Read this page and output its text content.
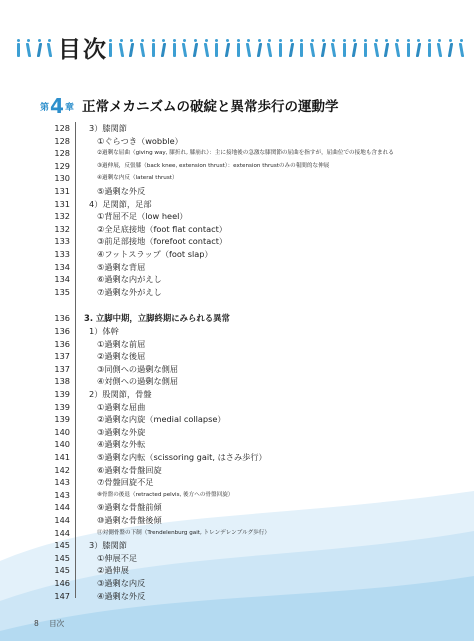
目次
第 4 章 正常メカニズムの破綻と異常歩行の運動学
128 3）膝関節
128	①ぐらつき（wobble）
128	②過剰な屈曲（giving way, 膝折れ, 膝崩れ）：主に接地後の急激な膝関節の屈曲を指すが，屈曲位での接地も含まれる
129	③過伸展，反張膝（back knee, extension thrust）：extension thrustのみの報間的な伸展
130	④過剰な内反（lateral thrust）
131	⑤過剰な外反
131 4）足関節，足部
132	①背屈不足（low heel）
132	②全足底接地（foot flat contact）
133	③前足部接地（forefoot contact）
133	④フットスラップ（foot slap）
134	⑤過剰な背屈
134	⑥過剰な内がえし
135	⑦過剰な外がえし
136 3. 立脚中期，立脚終期にみられる異常
136 1）体幹
136	①過剰な前屈
137	②過剰な後屈
137	③同側への過剰な側屈
138	④対側への過剰な側屈
139 2）股関節，骨盤
139	①過剰な屈曲
139	②過剰な内旋（medial collapse）
140	③過剰な外旋
140	④過剰な外転
141	⑤過剰な内転（scissoring gait, はさみ歩行）
142	⑥過剰な骨盤回旋
143	⑦骨盤回旋不足
143	⑧骨盤の後退（retracted pelvis, 後方への骨盤回旋）
144	⑨過剰な骨盤前傾
144	⑩過剰な骨盤後傾
144	⑪対側骨盤の下制（Trendelenburg gait, トレンデレンブルグ歩行）
145 3）膝関節
145	①伸展不足
145	②過伸展
146	③過剰な内反
147	④過剰な外反
8 目次
